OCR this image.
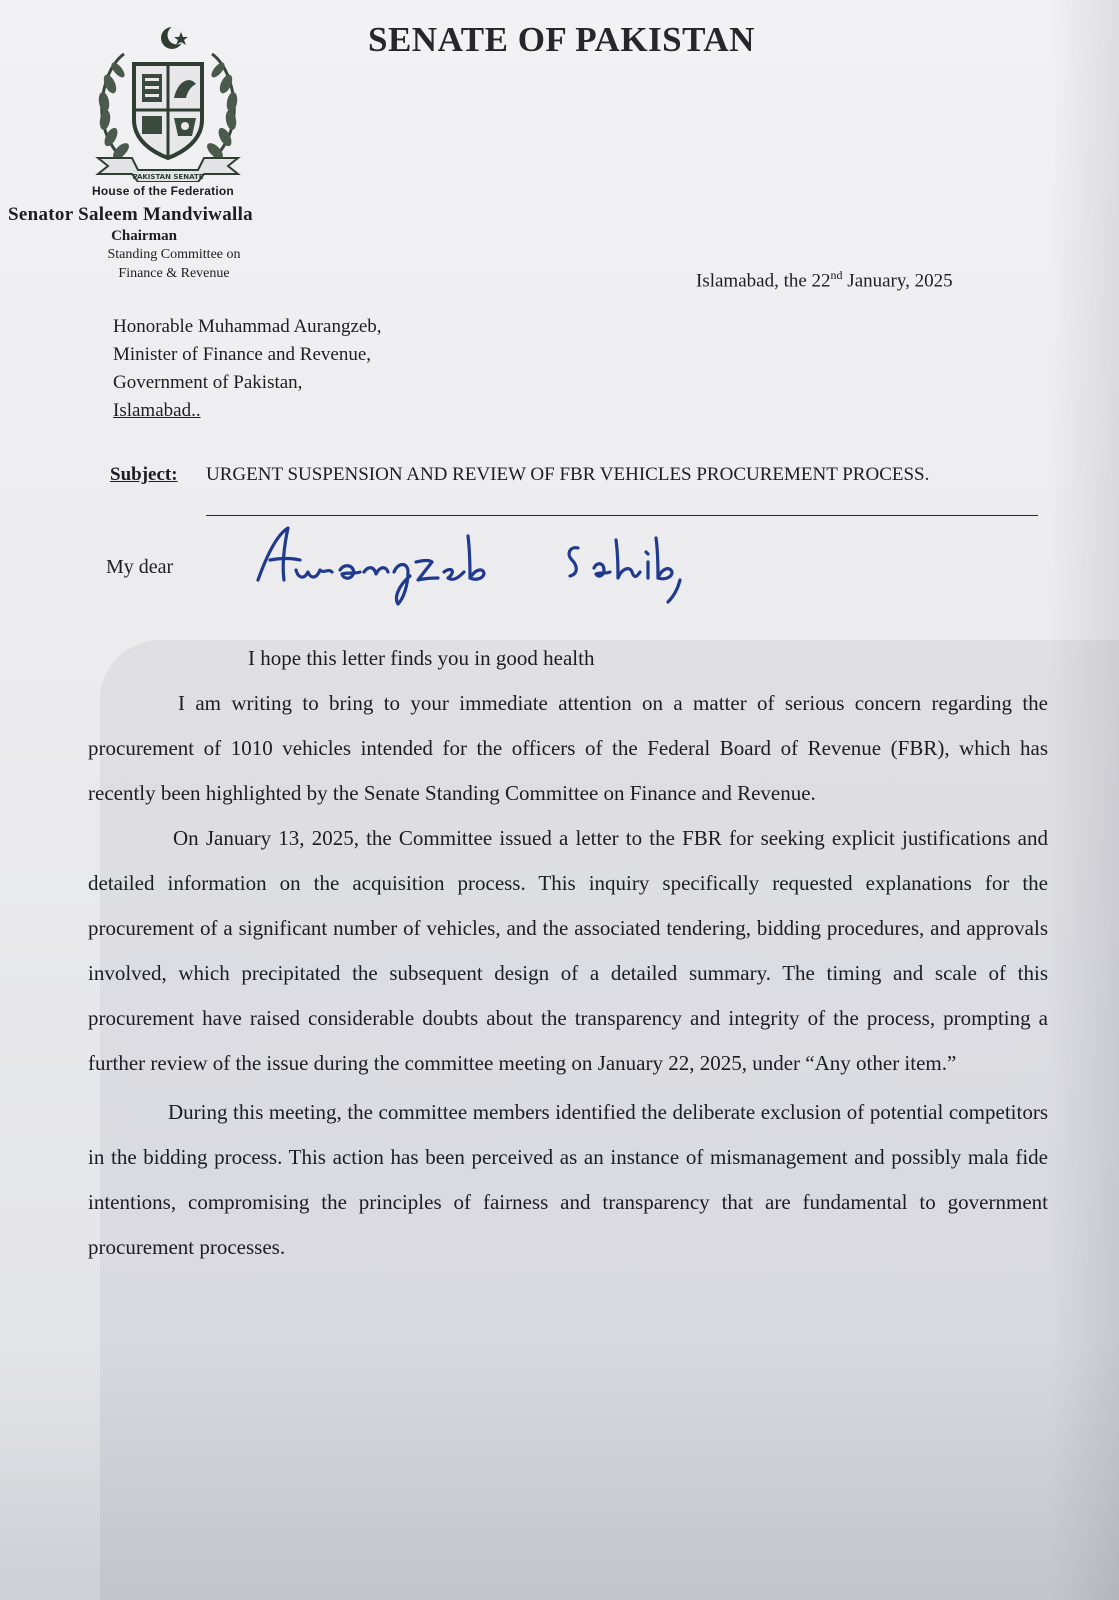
PAKISTAN SENATE
SENATE OF PAKISTAN
House of the Federation
Senator Saleem Mandviwalla
Chairman
Standing Committee on
Finance & Revenue	Islamabad, the 22nd January, 2025
Honorable Muhammad Aurangzeb,
Minister of Finance and Revenue,
Government of Pakistan,
Islamabad..
Subject: URGENT SUSPENSION AND REVIEW OF FBR VEHICLES PROCUREMENT PROCESS.
My dear

I hope this letter finds you in good health

I am writing to bring to your immediate attention on a matter of serious concern regarding the procurement of 1010 vehicles intended for the officers of the Federal Board of Revenue (FBR), which has recently been highlighted by the Senate Standing Committee on Finance and Revenue.

On January 13, 2025, the Committee issued a letter to the FBR for seeking explicit justifications and detailed information on the acquisition process. This inquiry specifically requested explanations for the procurement of a significant number of vehicles, and the associated tendering, bidding procedures, and approvals involved, which precipitated the subsequent design of a detailed summary. The timing and scale of this procurement have raised considerable doubts about the transparency and integrity of the process, prompting a further review of the issue during the committee meeting on January 22, 2025, under “Any other item.”

During this meeting, the committee members identified the deliberate exclusion of potential competitors in the bidding process. This action has been perceived as an instance of mismanagement and possibly mala fide intentions, compromising the principles of fairness and transparency that are fundamental to government procurement processes.
